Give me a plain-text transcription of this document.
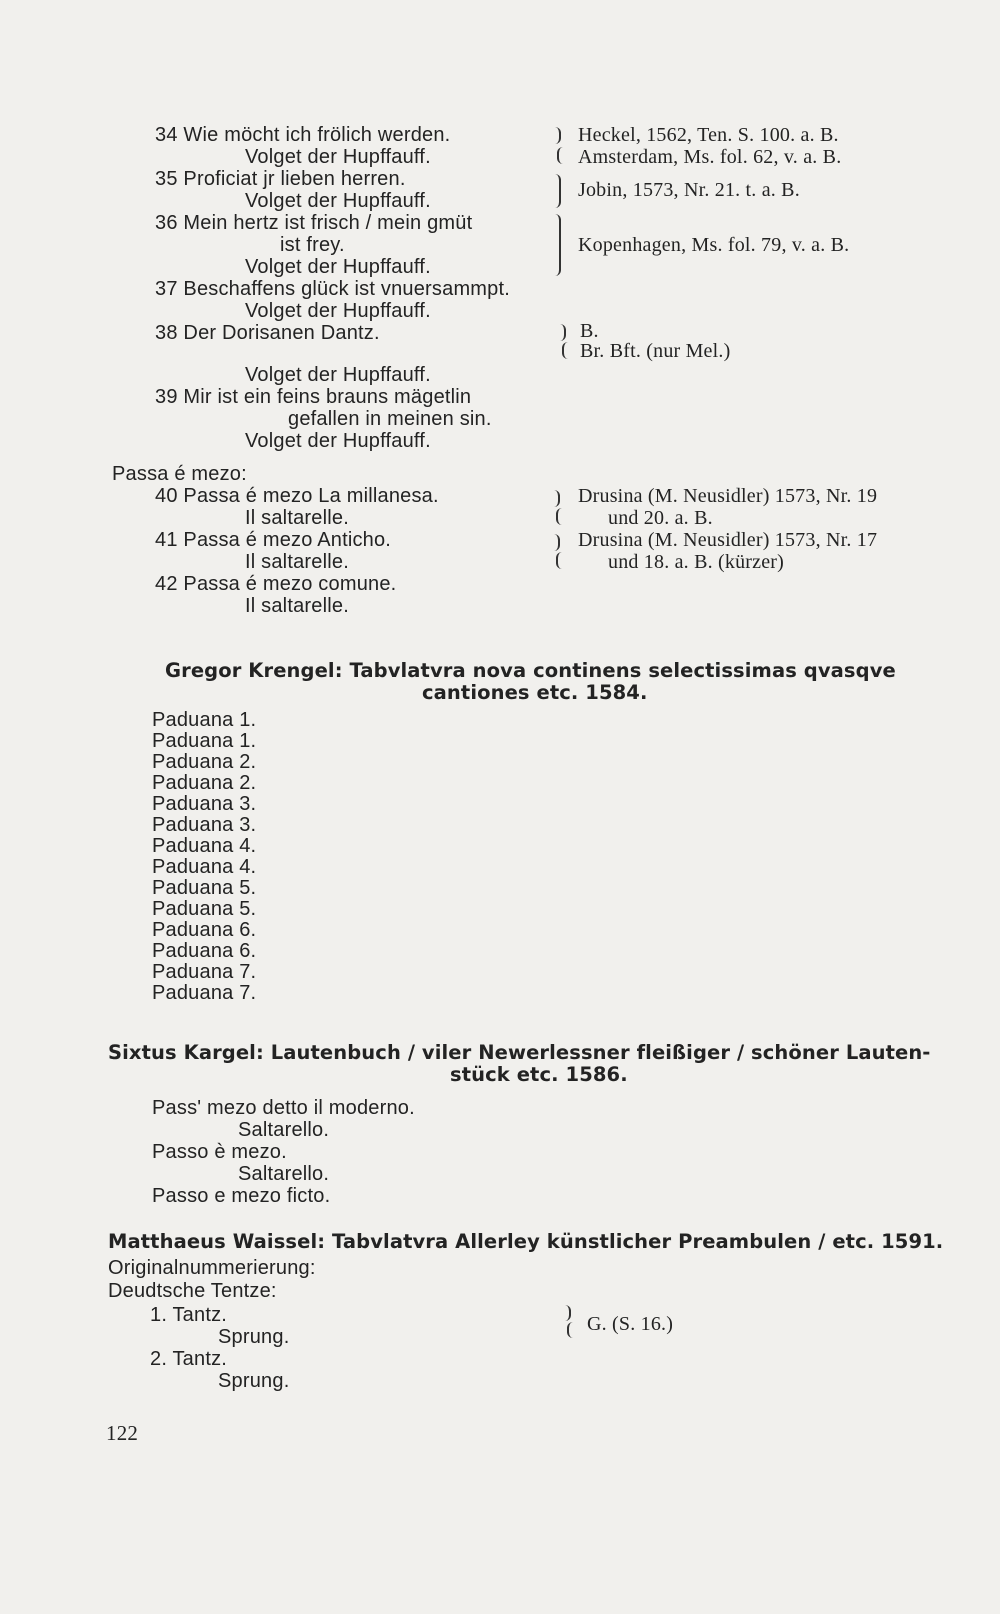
34 Wie möcht ich frölich werden.
Volget der Hupffauff.
35 Proficiat jr lieben herren.
Volget der Hupffauff.
36 Mein hertz ist frisch / mein gmüt
ist frey.
Volget der Hupffauff.
37 Beschaffens glück ist vnuersammpt.
Volget der Hupffauff.
38 Der Dorisanen Dantz.
Volget der Hupffauff.
39 Mir ist ein feins brauns mägetlin
gefallen in meinen sin.
Volget der Hupffauff.
Heckel, 1562, Ten. S. 100. a. B.
Amsterdam, Ms. fol. 62, v. a. B.
Jobin, 1573, Nr. 21. t. a. B.
Kopenhagen, Ms. fol. 79, v. a. B.
B.
Br. Bft. (nur Mel.)
Passa é mezo:
40 Passa é mezo La millanesa.
Il saltarelle.
41 Passa é mezo Anticho.
Il saltarelle.
42 Passa é mezo comune.
Il saltarelle.
Drusina (M. Neusidler) 1573, Nr. 19
und 20. a. B.
Drusina (M. Neusidler) 1573, Nr. 17
und 18. a. B. (kürzer)
Gregor Krengel: Tabvlatvra nova continens selectissimas qvasqve
cantiones etc. 1584.
Paduana 1.
Paduana 1.
Paduana 2.
Paduana 2.
Paduana 3.
Paduana 3.
Paduana 4.
Paduana 4.
Paduana 5.
Paduana 5.
Paduana 6.
Paduana 6.
Paduana 7.
Paduana 7.
Sixtus Kargel: Lautenbuch / viler Newerlessner fleißiger / schöner Lauten-
stück etc. 1586.
Pass' mezo detto il moderno.
Saltarello.
Passo è mezo.
Saltarello.
Passo e mezo ficto.
Matthaeus Waissel: Tabvlatvra Allerley künstlicher Preambulen / etc. 1591.
Originalnummerierung:
Deudtsche Tentze:
1. Tantz.
Sprung.
2. Tantz.
Sprung.
G. (S. 16.)
122
